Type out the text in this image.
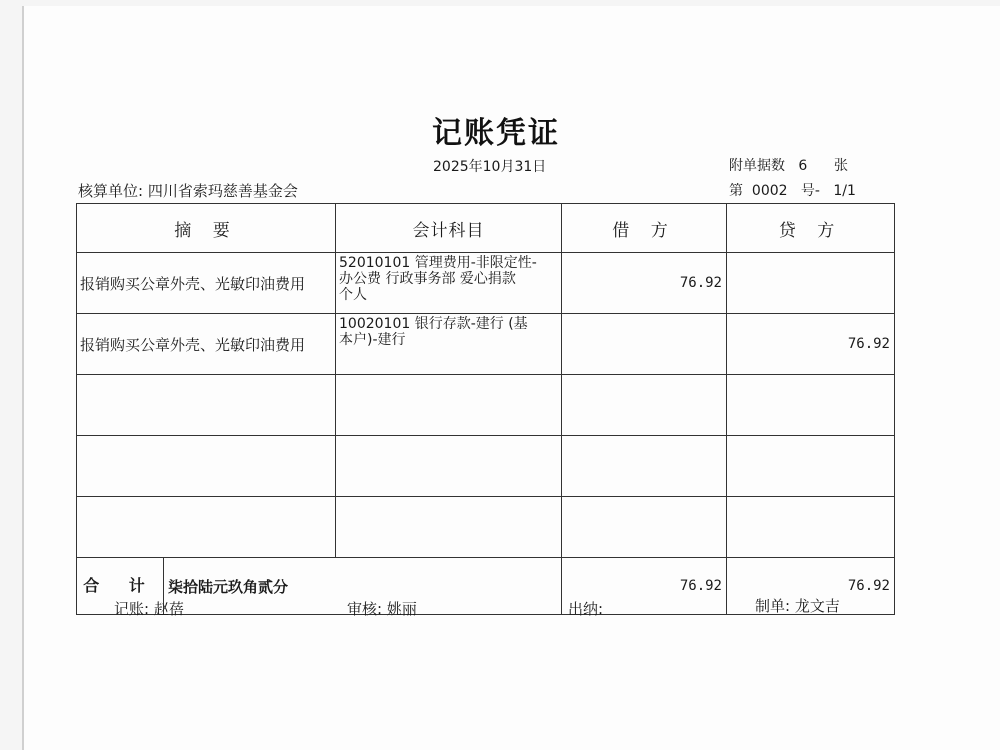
记账凭证
2025年10月31日	附单据数 6 张
核算单位: 四川省索玛慈善基金会	第 0002 号- 1/1
摘 要	会计科目	借 方	贷 方
报销购买公章外壳、光敏印油费用	52010101 管理费用-非限定性-
办公费 行政事务部 爱心捐款
个人	76.92	
报销购买公章外壳、光敏印油费用	10020101 银行存款-建行 (基
本户)-建行		76.92

合 计 柒拾陆元玖角贰分		76.92	76.92
记账: 赵蓓	审核: 姚丽	出纳:	制单: 龙文吉
